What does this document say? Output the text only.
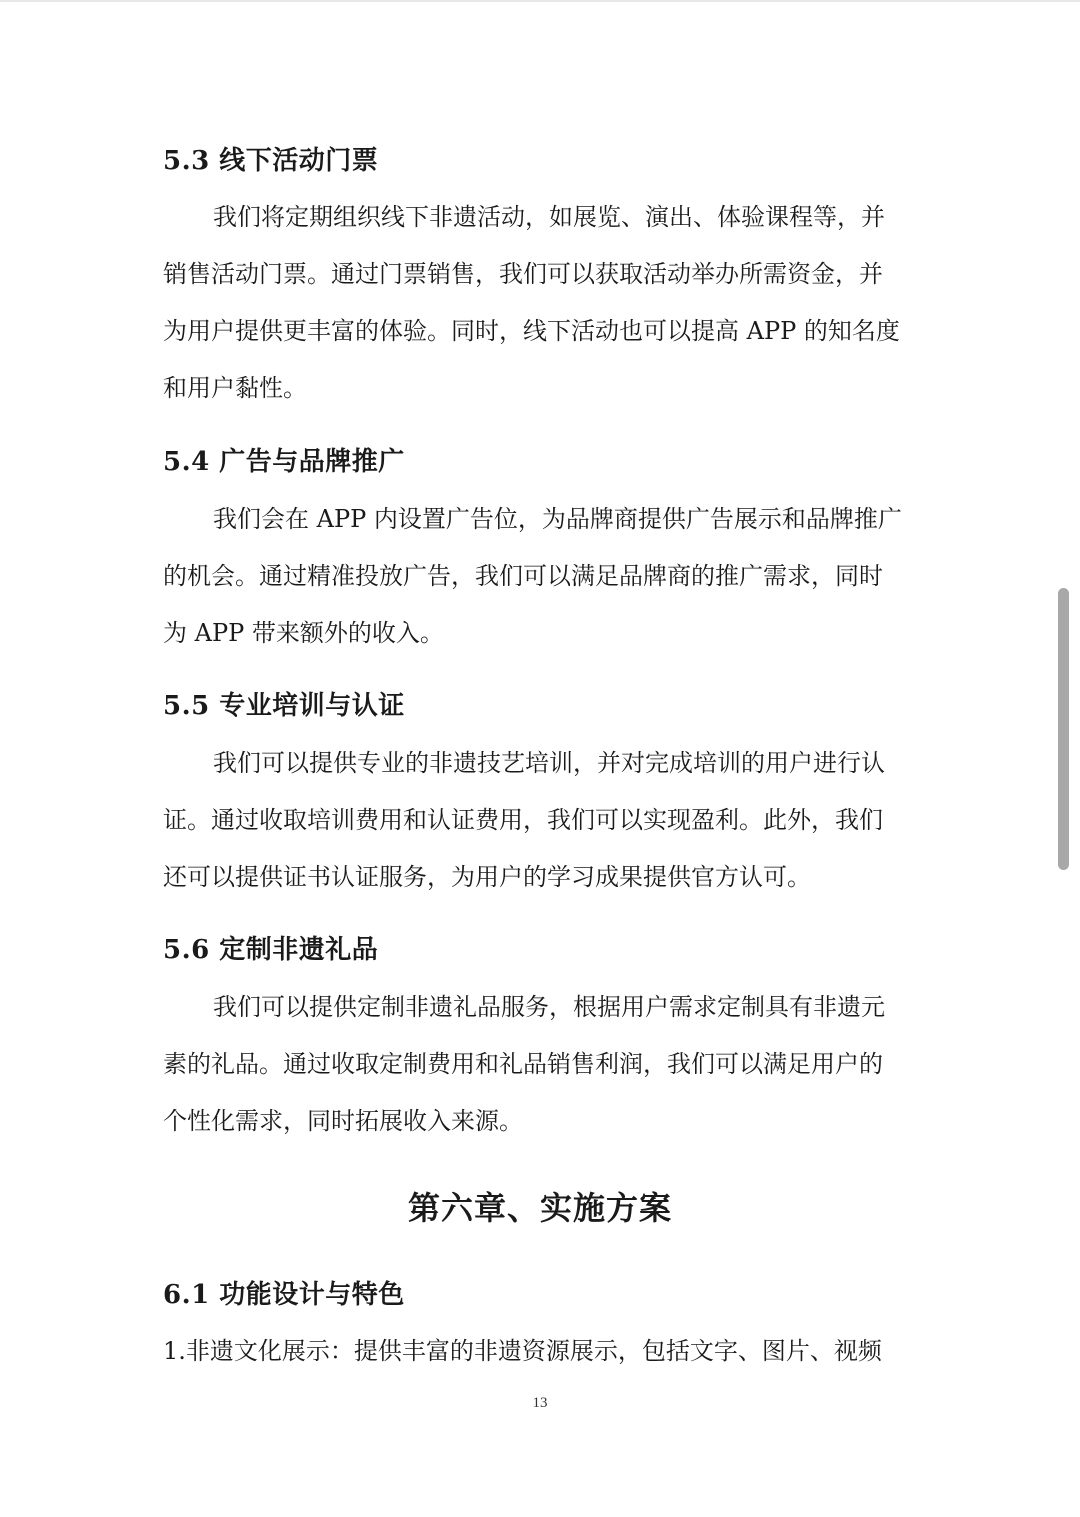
5.3 线下活动门票
我们将定期组织线下非遗活动，如展览、演出、体验课程等，并
销售活动门票。通过门票销售，我们可以获取活动举办所需资金，并
为用户提供更丰富的体验。同时，线下活动也可以提高 APP 的知名度
和用户黏性。
5.4 广告与品牌推广
我们会在 APP 内设置广告位，为品牌商提供广告展示和品牌推广
的机会。通过精准投放广告，我们可以满足品牌商的推广需求，同时
为 APP 带来额外的收入。
5.5 专业培训与认证
我们可以提供专业的非遗技艺培训，并对完成培训的用户进行认
证。通过收取培训费用和认证费用，我们可以实现盈利。此外，我们
还可以提供证书认证服务，为用户的学习成果提供官方认可。
5.6 定制非遗礼品
我们可以提供定制非遗礼品服务，根据用户需求定制具有非遗元
素的礼品。通过收取定制费用和礼品销售利润，我们可以满足用户的
个性化需求，同时拓展收入来源。
6.1 功能设计与特色
1.非遗文化展示：提供丰富的非遗资源展示，包括文字、图片、视频
第六章、实施方案
13
